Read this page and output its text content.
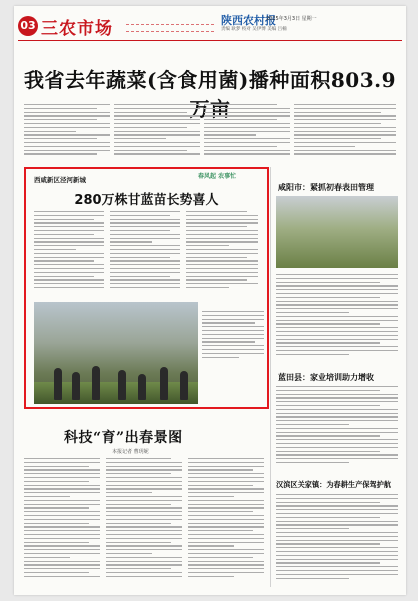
03 三农市场	陕西农村报
2025年3月3日 星期一
责编 耿梦 校对 吴伊博 美编 吕楠
我省去年蔬菜(含食用菌)播种面积803.9万
西咸新区泾河新城	春风起 农事忙
280万株甘蓝苗长势喜人
咸阳市：紧抓初春表田管理
蓝田县：家业培训助力增收
汉滨区关家镇：为春耕生产保驾护航
科技“育”出春景图
本报记者 曹玥妮
